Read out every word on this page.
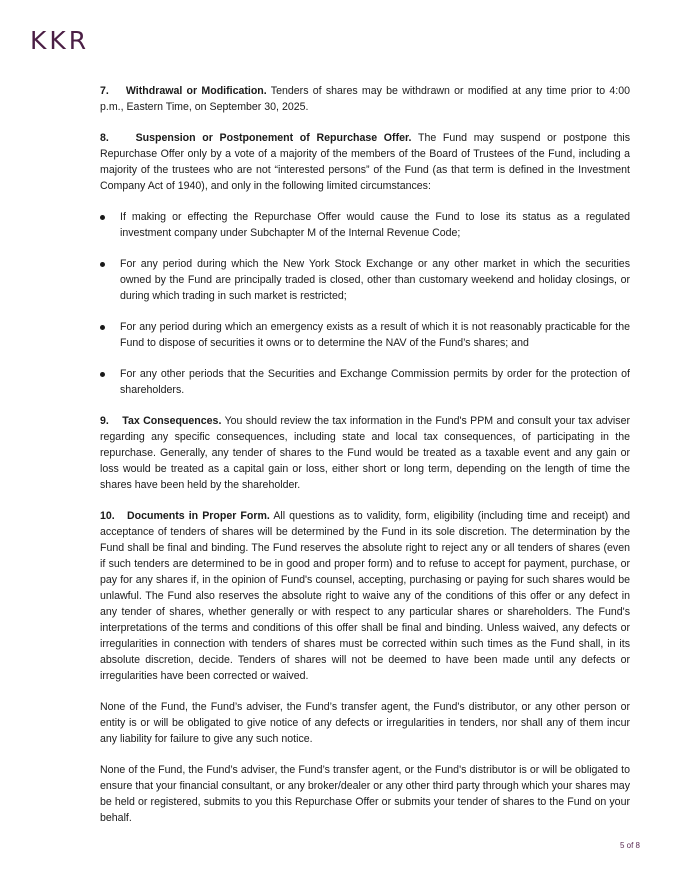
KKR

7. Withdrawal or Modification. Tenders of shares may be withdrawn or modified at any time prior to 4:00 p.m., Eastern Time, on September 30, 2025.

8.	Suspension or Postponement of Repurchase Offer. The Fund may suspend or postpone this Repurchase Offer only by a vote of a majority of the members of the Board of Trustees of the Fund, including a majority of the trustees who are not “interested persons” of the Fund (as that term is defined in the Investment Company Act of 1940), and only in the following limited circumstances:

If making or effecting the Repurchase Offer would cause the Fund to lose its status as a regulated investment company under Subchapter M of the Internal Revenue Code;
For any period during which the New York Stock Exchange or any other market in which the securities owned by the Fund are principally traded is closed, other than customary weekend and holiday closings, or during which trading in such market is restricted;
For any period during which an emergency exists as a result of which it is not reasonably practicable for the Fund to dispose of securities it owns or to determine the NAV of the Fund’s shares; and
For any other periods that the Securities and Exchange Commission permits by order for the protection of shareholders.

9. Tax Consequences. You should review the tax information in the Fund's PPM and consult your tax adviser regarding any specific consequences, including state and local tax consequences, of participating in the repurchase. Generally, any tender of shares to the Fund would be treated as a taxable event and any gain or loss would be treated as a capital gain or loss, either short or long term, depending on the length of time the shares have been held by the shareholder.

10. Documents in Proper Form. All questions as to validity, form, eligibility (including time and receipt) and acceptance of tenders of shares will be determined by the Fund in its sole discretion. The determination by the Fund shall be final and binding. The Fund reserves the absolute right to reject any or all tenders of shares (even if such tenders are determined to be in good and proper form) and to refuse to accept for payment, purchase, or pay for any shares if, in the opinion of Fund's counsel, accepting, purchasing or paying for such shares would be unlawful. The Fund also reserves the absolute right to waive any of the conditions of this offer or any defect in any tender of shares, whether generally or with respect to any particular shares or shareholders. The Fund's interpretations of the terms and conditions of this offer shall be final and binding. Unless waived, any defects or irregularities in connection with tenders of shares must be corrected within such times as the Fund shall, in its absolute discretion, decide. Tenders of shares will not be deemed to have been made until any defects or irregularities have been corrected or waived.

None of the Fund, the Fund’s adviser, the Fund’s transfer agent, the Fund's distributor, or any other person or entity is or will be obligated to give notice of any defects or irregularities in tenders, nor shall any of them incur any liability for failure to give any such notice.

None of the Fund, the Fund’s adviser, the Fund’s transfer agent, or the Fund's distributor is or will be obligated to ensure that your financial consultant, or any broker/dealer or any other third party through which your shares may be held or registered, submits to you this Repurchase Offer or submits your tender of shares to the Fund on your behalf.

5 of 8
